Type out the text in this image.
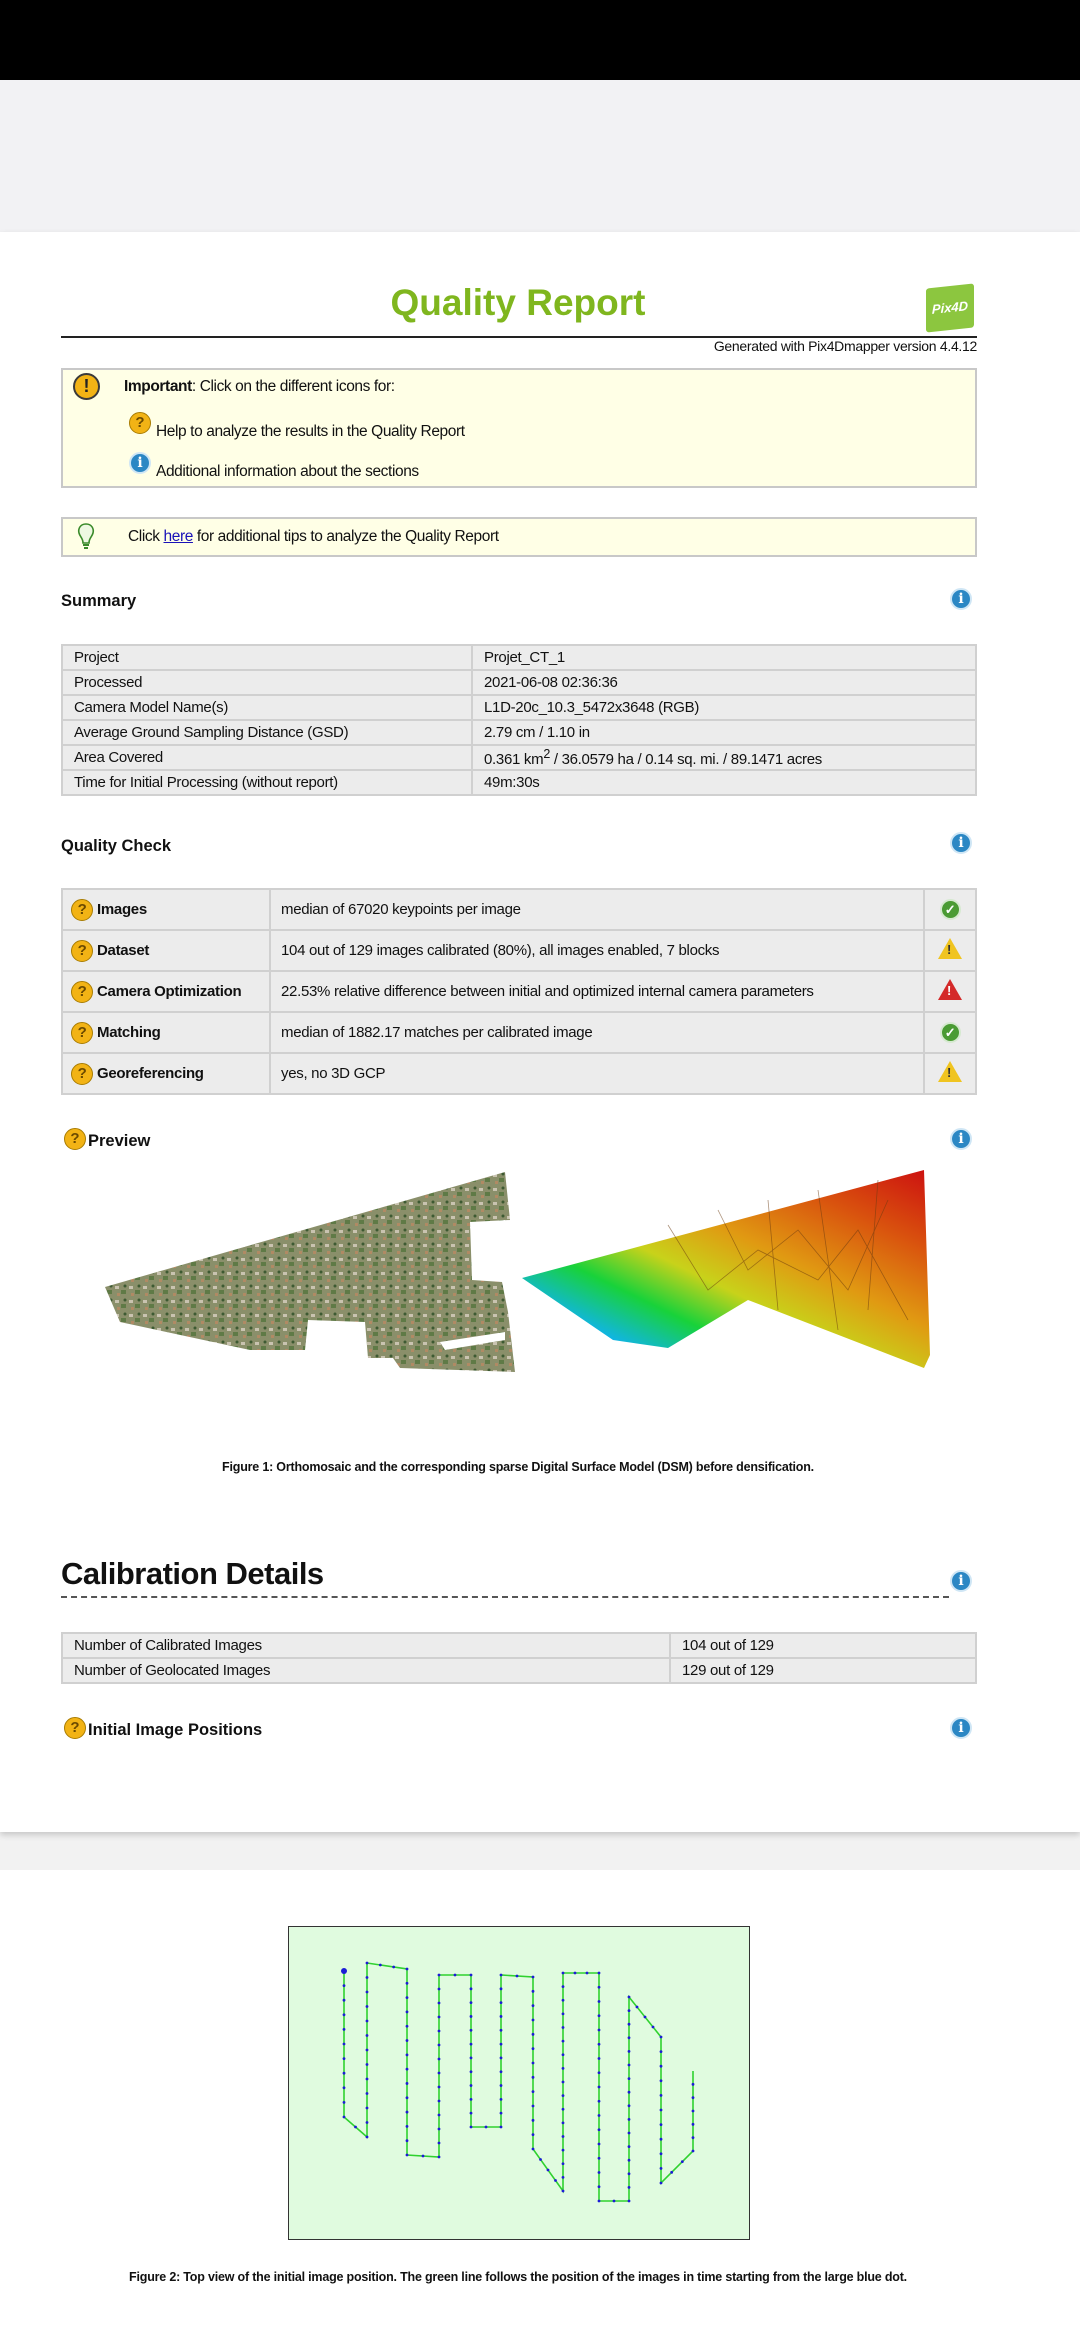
Quality Report	Pix4D
Generated with Pix4Dmapper version 4.4.12
!	Important: Click on the different icons for:
?
Help to analyze the results in the Quality Report
i Additional information about the sections
Click here for additional tips to analyze the Quality Report
Summary	i
Project	Projet_CT_1
Processed	2021-06-08 02:36:36
Camera Model Name(s)	L1D-20c_10.3_5472x3648 (RGB)
Average Ground Sampling Distance (GSD)	2.79 cm / 1.10 in
Area Covered	0.361 $km^2 / 36.0579$ ha / 0.14 sq. mi. / 89.1471 acres
Time for Initial Processing (without report)	49m:30s
Quality Check	i
? Images	median of 67020 keypoints per image	✓
? Dataset	104 out of 129 images calibrated (80%), all images enabled, 7 blocks	!

? Camera Optimization	22.53% relative difference between initial and optimized internal camera parameters	!

? Matching	median of 1882.17 matches per calibrated image	✓
? Georeferencing	yes, no 3D GCP	!
? Preview	i
Figure 1: Orthomosaic and the corresponding sparse Digital Surface Model (DSM) before densification.
Calibration Details	i
Number of Calibrated Images	104 out of 129
Number of Geolocated Images	129 out of 129
? Initial Image Positions	i
Figure 2: Top view of the initial image position. The green line follows the position of the images in time starting from the large blue dot.
